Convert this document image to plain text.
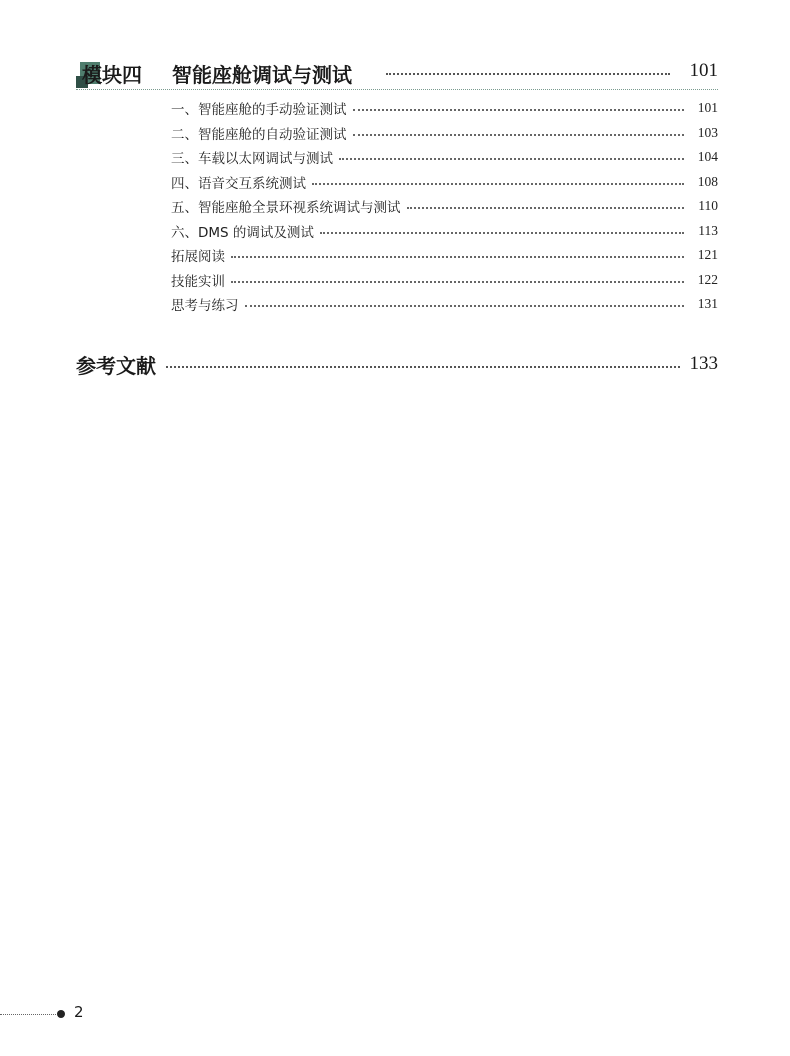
模块四 智能座舱调试与测试	101
一、智能座舱的手动验证测试	101
二、智能座舱的自动验证测试	103
三、车载以太网调试与测试	104
四、语音交互系统测试	108
五、智能座舱全景环视系统调试与测试	110
六、DMS 的调试及测试	113
拓展阅读	121
技能实训	122
思考与练习	131
参考文献	133
2
